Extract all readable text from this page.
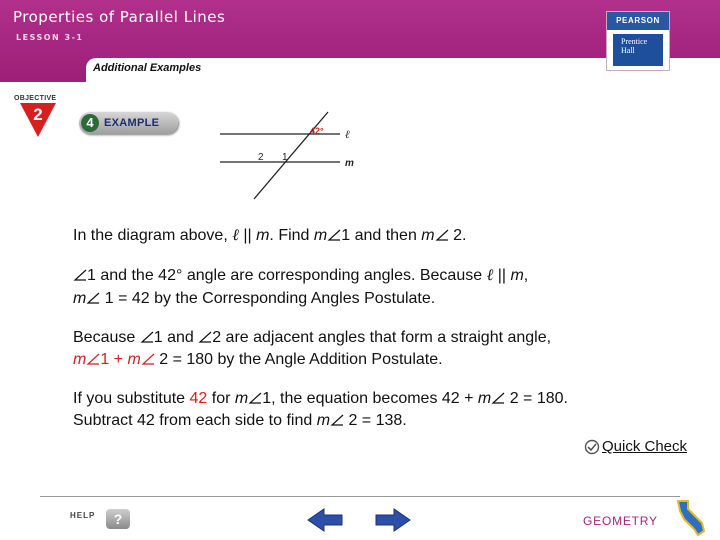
Properties of Parallel Lines
LESSON 3-1
Additional Examples
PEARSON
Prentice
Hall
OBJECTIVE
2	4 EXAMPLE
42° ℓ
m
2 1
In the diagram above, ℓ || m. Find m 1 and then m 2.
1 and the 42° angle are corresponding angles. Because ℓ || m,
m 1 = 42 by the Corresponding Angles Postulate.
Because 1 and 2 are adjacent angles that form a straight angle,
m 1 + m 2 = 180 by the Angle Addition Postulate.
If you substitute 42 for m 1, the equation becomes 42 + m 2 = 180.
Subtract 42 from each side to find m 2 = 138.
Quick Check
HELP	?	GEOMETRY
